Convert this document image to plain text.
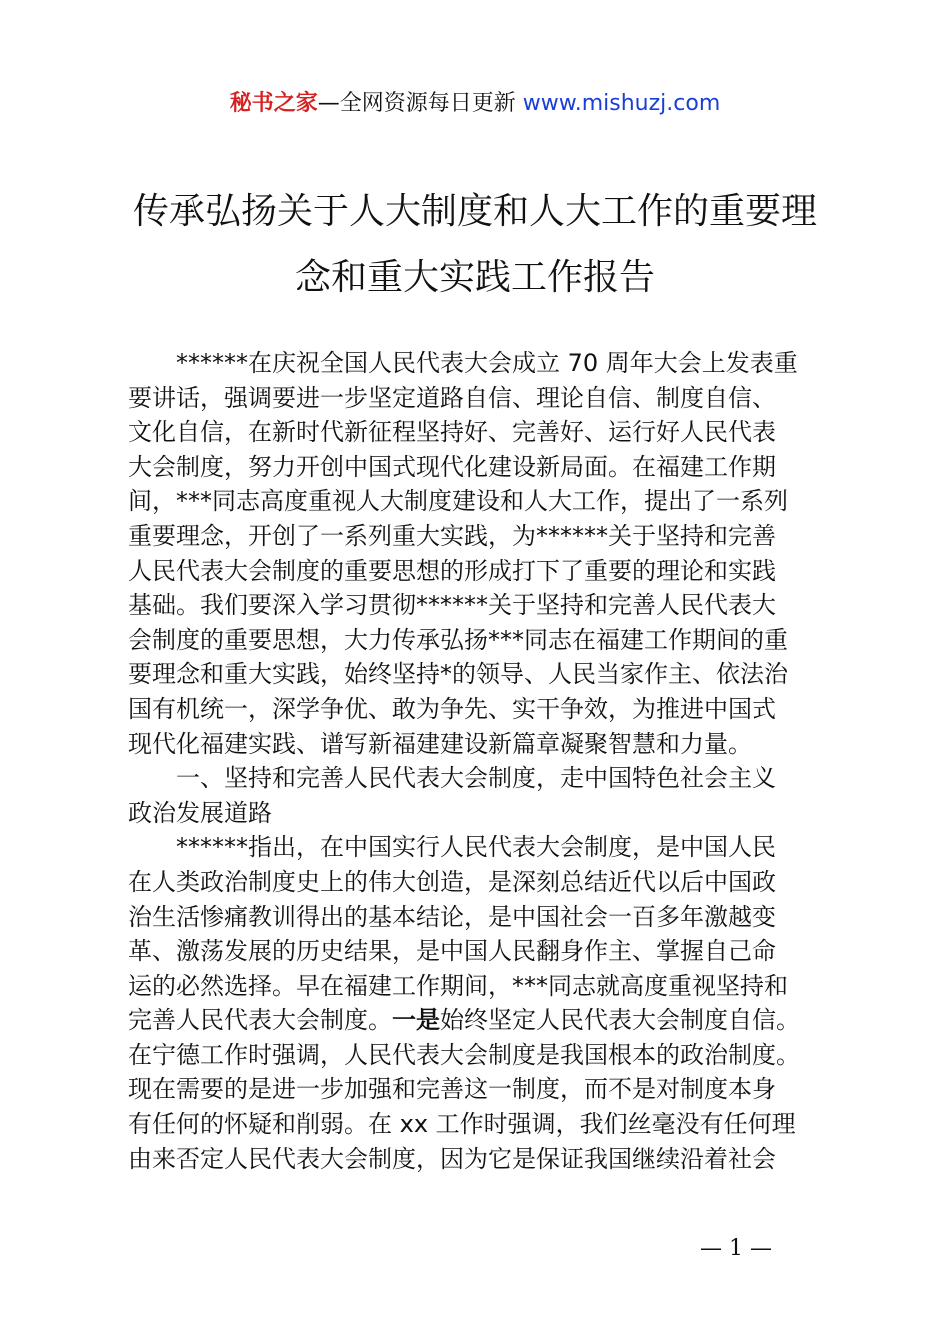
秘书之家—全网资源每日更新 www.mishuzj.com
传承弘扬关于人大制度和人大工作的重要理
念和重大实践工作报告
******在庆祝全国人民代表大会成立 70 周年大会上发表重
要讲话，强调要进一步坚定道路自信、理论自信、制度自信、
文化自信，在新时代新征程坚持好、完善好、运行好人民代表
大会制度，努力开创中国式现代化建设新局面。在福建工作期
间，***同志高度重视人大制度建设和人大工作，提出了一系列
重要理念，开创了一系列重大实践，为******关于坚持和完善
人民代表大会制度的重要思想的形成打下了重要的理论和实践
基础。我们要深入学习贯彻******关于坚持和完善人民代表大
会制度的重要思想，大力传承弘扬***同志在福建工作期间的重
要理念和重大实践，始终坚持*的领导、人民当家作主、依法治
国有机统一，深学争优、敢为争先、实干争效，为推进中国式
现代化福建实践、谱写新福建建设新篇章凝聚智慧和力量。
一、坚持和完善人民代表大会制度，走中国特色社会主义
政治发展道路
******指出，在中国实行人民代表大会制度，是中国人民
在人类政治制度史上的伟大创造，是深刻总结近代以后中国政
治生活惨痛教训得出的基本结论，是中国社会一百多年激越变
革、激荡发展的历史结果，是中国人民翻身作主、掌握自己命
运的必然选择。早在福建工作期间，***同志就高度重视坚持和
完善人民代表大会制度。一是始终坚定人民代表大会制度自信。
在宁德工作时强调，人民代表大会制度是我国根本的政治制度。
现在需要的是进一步加强和完善这一制度，而不是对制度本身
有任何的怀疑和削弱。在 xx 工作时强调，我们丝毫没有任何理
由来否定人民代表大会制度，因为它是保证我国继续沿着社会
— 1 —
